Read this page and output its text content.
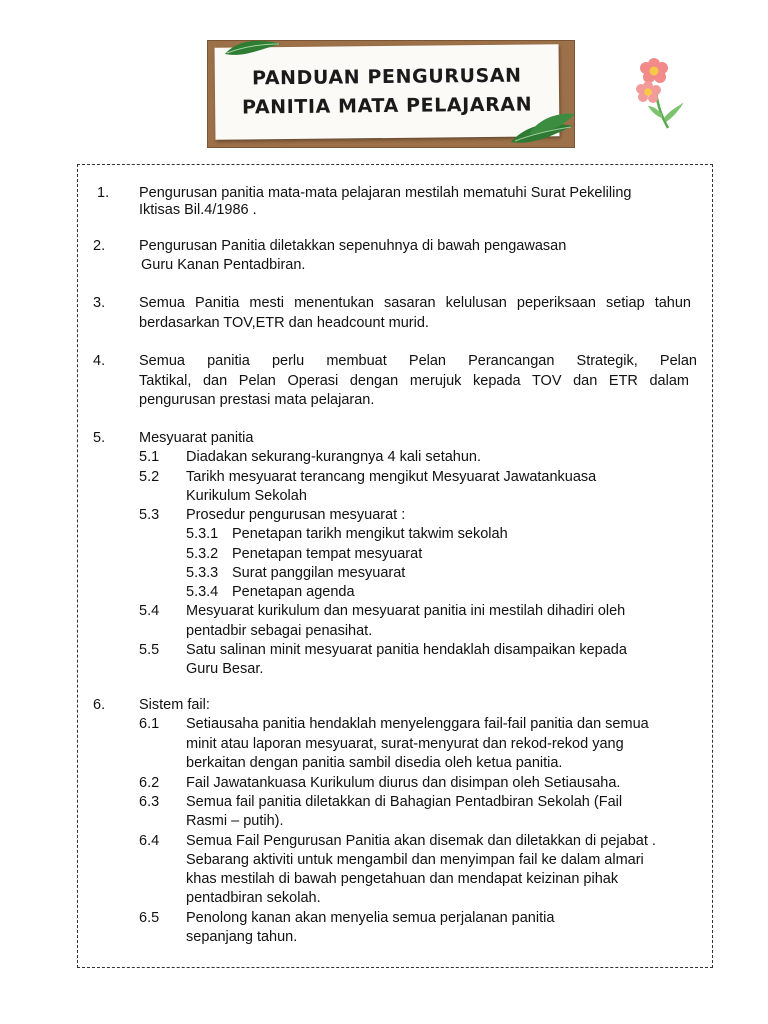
PANDUAN PENGURUSAN
PANITIA MATA PELAJARAN
1. Pengurusan panitia mata-mata pelajaran mestilah mematuhi Surat Pekeliling
Iktisas Bil.4/1986 .
2. Pengurusan Panitia diletakkan sepenuhnya di bawah pengawasan
Guru Kanan Pentadbiran.
3. Semua Panitia mesti menentukan sasaran kelulusan peperiksaan setiap tahun
berdasarkan TOV,ETR dan headcount murid.
4. Semua panitia perlu membuat Pelan Perancangan Strategik, Pelan
Taktikal, dan Pelan Operasi dengan merujuk kepada TOV dan ETR dalam
pengurusan prestasi mata pelajaran.
5. Mesyuarat panitia
5.1 Diadakan sekurang-kurangnya 4 kali setahun.
5.2 Tarikh mesyuarat terancang mengikut Mesyuarat Jawatankuasa
Kurikulum Sekolah
5.3 Prosedur pengurusan mesyuarat :
5.3.1 Penetapan tarikh mengikut takwim sekolah
5.3.2 Penetapan tempat mesyuarat
5.3.3 Surat panggilan mesyuarat
5.3.4 Penetapan agenda
5.4 Mesyuarat kurikulum dan mesyuarat panitia ini mestilah dihadiri oleh
pentadbir sebagai penasihat.
5.5 Satu salinan minit mesyuarat panitia hendaklah disampaikan kepada
Guru Besar.
6. Sistem fail:
6.1 Setiausaha panitia hendaklah menyelenggara fail-fail panitia dan semua
minit atau laporan mesyuarat, surat-menyurat dan rekod-rekod yang
berkaitan dengan panitia sambil disedia oleh ketua panitia.
6.2 Fail Jawatankuasa Kurikulum diurus dan disimpan oleh Setiausaha.
6.3 Semua fail panitia diletakkan di Bahagian Pentadbiran Sekolah (Fail
Rasmi – putih).
6.4 Semua Fail Pengurusan Panitia akan disemak dan diletakkan di pejabat .
Sebarang aktiviti untuk mengambil dan menyimpan fail ke dalam almari
khas mestilah di bawah pengetahuan dan mendapat keizinan pihak
pentadbiran sekolah.
6.5 Penolong kanan akan menyelia semua perjalanan panitia
sepanjang tahun.
